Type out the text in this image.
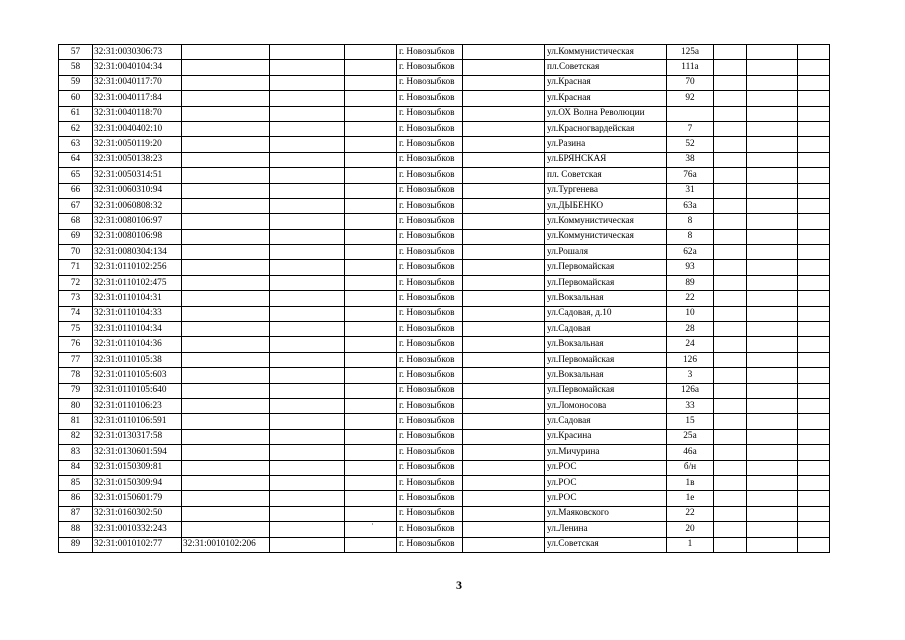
57	32:31:0030306:73				г. Новозыбков		ул.Коммунистическая	125а			
58	32:31:0040104:34				г. Новозыбков		пл.Советская	111а			
59	32:31:0040117:70				г. Новозыбков		ул.Красная	70			
60	32:31:0040117:84				г. Новозыбков		ул.Красная	92			
61	32:31:0040118:70				г. Новозыбков		ул.ОХ Волна Революции				
62	32:31:0040402:10				г. Новозыбков		ул.Красногвардейская	7			
63	32:31:0050119:20				г. Новозыбков		ул.Разина	52			
64	32:31:0050138:23				г. Новозыбков		ул.БРЯНСКАЯ	38			
65	32:31:0050314:51				г. Новозыбков		пл. Советская	76а			
66	32:31:0060310:94				г. Новозыбков		ул.Тургенева	31			
67	32:31:0060808:32				г. Новозыбков		ул.ДЫБЕНКО	63а			
68	32:31:0080106:97				г. Новозыбков		ул.Коммунистическая	8			
69	32:31:0080106:98				г. Новозыбков		ул.Коммунистическая	8			
70	32:31:0080304:134				г. Новозыбков		ул.Рошаля	62а			
71	32:31:0110102:256				г. Новозыбков		ул.Первомайская	93			
72	32:31:0110102:475				г. Новозыбков		ул.Первомайская	89			
73	32:31:0110104:31				г. Новозыбков		ул.Вокзальная	22			
74	32:31:0110104:33				г. Новозыбков		ул.Садовая, д.10	10			
75	32:31:0110104:34				г. Новозыбков		ул.Садовая	28			
76	32:31:0110104:36				г. Новозыбков		ул.Вокзальная	24			
77	32:31:0110105:38				г. Новозыбков		ул.Первомайская	126			
78	32:31:0110105:603				г. Новозыбков		ул.Вокзальная	3			
79	32:31:0110105:640				г. Новозыбков		ул.Первомайская	126а			
80	32:31:0110106:23				г. Новозыбков		ул.Ломоносова	33			
81	32:31:0110106:591				г. Новозыбков		ул.Садовая	15			
82	32:31:0130317:58				г. Новозыбков		ул.Красина	25а			
83	32:31:0130601:594				г. Новозыбков		ул.Мичурина	46а			
84	32:31:0150309:81				г. Новозыбков		ул.РОС	б/н			
85	32:31:0150309:94				г. Новозыбков		ул.РОС	1в			
86	32:31:0150601:79				г. Новозыбков		ул.РОС	1е			
87	32:31:0160302:50				г. Новозыбков		ул.Маяковского	22			
88	32:31:0010332:243				г. Новозыбков		ул.Ленина	20			
89	32:31:0010102:77	32:31:0010102:206			г. Новозыбков		ул.Советская	1			
˙
3
